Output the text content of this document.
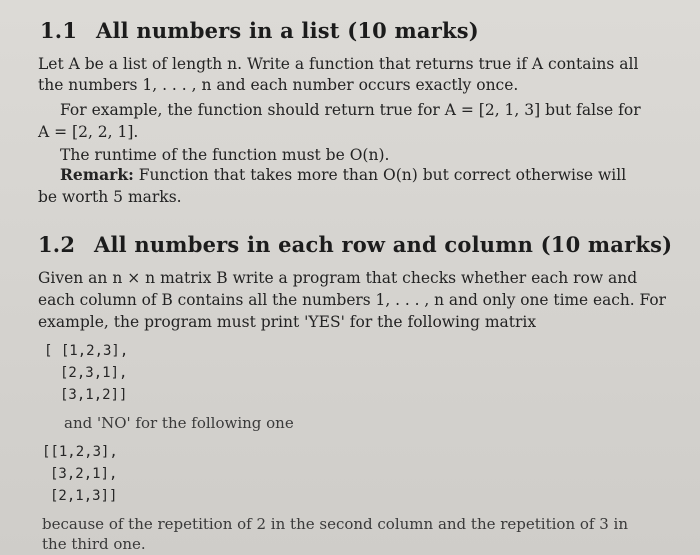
1.1 All numbers in a list (10 marks)
Let A be a list of length n. Write a function that returns true if A contains all
the numbers 1, . . . , n and each number occurs exactly once.
For example, the function should return true for A = [2, 1, 3] but false for
A = [2, 2, 1].
The runtime of the function must be O(n).
Remark: Function that takes more than O(n) but correct otherwise will
be worth 5 marks.
1.2 All numbers in each row and column (10 marks)
Given an n × n matrix B write a program that checks whether each row and
each column of B contains all the numbers 1, . . . , n and only one time each. For
example, the program must print 'YES' for the following matrix
[ [1,2,3],
[2,3,1],
[3,1,2]]
and 'NO' for the following one
[[1,2,3],
[3,2,1],
[2,1,3]]
because of the repetition of 2 in the second column and the repetition of 3 in
the third one.
